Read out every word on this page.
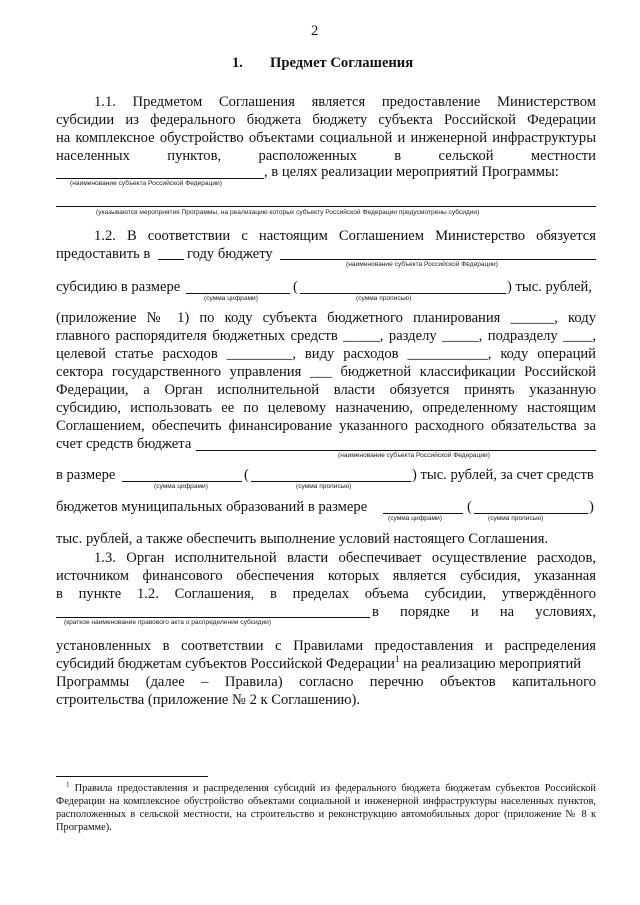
2
1. Предмет Соглашения
1.1. Предметом Соглашения является предоставление Министерством
субсидии из федерального бюджета бюджету субъекта Российской Федерации
на комплексное обустройство объектами социальной и инженерной инфраструктуры
населенных пунктов, расположенных в сельской местности
, в целях реализации мероприятий Программы:
(наименование субъекта Российской Федерации)
(указываются мероприятия Программы, на реализацию которых субъекту Российской Федерации предусмотрены субсидии)
1.2. В соответствии с настоящим Соглашением Министерство обязуется
предоставить в	году бюджету
(наименование субъекта Российской Федерации)
субсидию в размере	(	) тыс. рублей,
(сумма цифрами)	(сумма прописью)
(приложение № 1) по коду субъекта бюджетного планирования ______, коду
главного распорядителя бюджетных средств _____, разделу _____, подразделу ____,
целевой статье расходов _________, виду расходов ___________, коду операций
сектора государственного управления ___ бюджетной классификации Российской
Федерации, а Орган исполнительной власти обязуется принять указанную
субсидию, использовать ее по целевому назначению, определенному настоящим
Соглашением, обеспечить финансирование указанного расходного обязательства за
счет средств бюджета
(наименование субъекта Российской Федерации)
в размере	(	) тыс. рублей, за счет средств
(сумма цифрами)	(сумма прописью)
бюджетов муниципальных образований в размере	(	)
(сумма цифрами)	(сумма прописью)
тыс. рублей, а также обеспечить выполнение условий настоящего Соглашения.
1.3. Орган исполнительной власти обеспечивает осуществление расходов,
источником финансового обеспечения которых является субсидия, указанная
в пункте 1.2. Соглашения, в пределах объема субсидии, утверждённого
в порядке и на условиях,
(краткое наименование правового акта о распределении субсидии)
установленных в соответствии с Правилами предоставления и распределения
субсидий бюджетам субъектов Российской Федерации$^1$ на реализацию мероприятий
Программы (далее – Правила) согласно перечню объектов капитального
строительства (приложение № 2 к Соглашению).
$^1$ Правила предоставления и распределения субсидий из федерального бюджета бюджетам субъектов Российской Федерации на комплексное обустройство объектами социальной и инженерной инфраструктуры населенных пунктов, расположенных в сельской местности, на строительство и реконструкцию автомобильных дорог (приложение № 8 к Программе).
